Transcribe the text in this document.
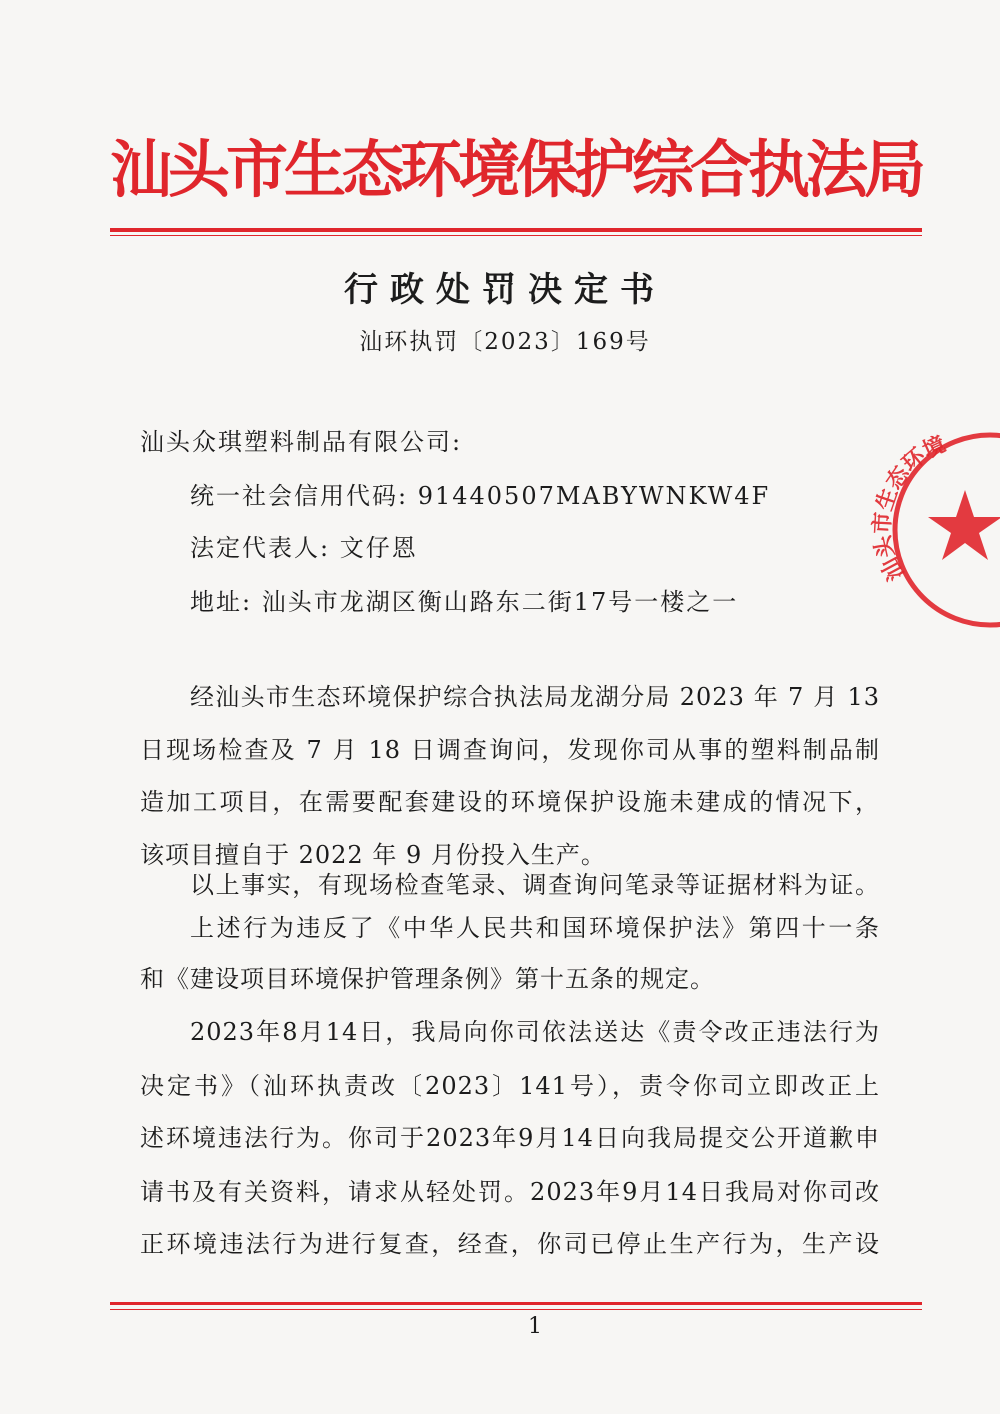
汕头市生态环境保护综合执法局
行政处罚决定书
汕环执罚〔2023〕169号
汕头众琪塑料制品有限公司:
统一社会信用代码: 91440507MABYWNKW4F
法定代表人: 文仔恩
地址: 汕头市龙湖区衡山路东二街17号一楼之一
经汕头市生态环境保护综合执法局龙湖分局 2023 年 7 月 13
日现场检查及 7 月 18 日调查询问，发现你司从事的塑料制品制
造加工项目，在需要配套建设的环境保护设施未建成的情况下，
该项目擅自于 2022 年 9 月份投入生产。
以上事实，有现场检查笔录、调查询问笔录等证据材料为证。
上述行为违反了《中华人民共和国环境保护法》第四十一条
和《建设项目环境保护管理条例》第十五条的规定。
2023年8月14日，我局向你司依法送达《责令改正违法行为
决定书》（汕环执责改〔2023〕141号），责令你司立即改正上
述环境违法行为。你司于2023年9月14日向我局提交公开道歉申
请书及有关资料，请求从轻处罚。2023年9月14日我局对你司改
正环境违法行为进行复查，经查，你司已停止生产行为，生产设
1
汕头市生态环境
